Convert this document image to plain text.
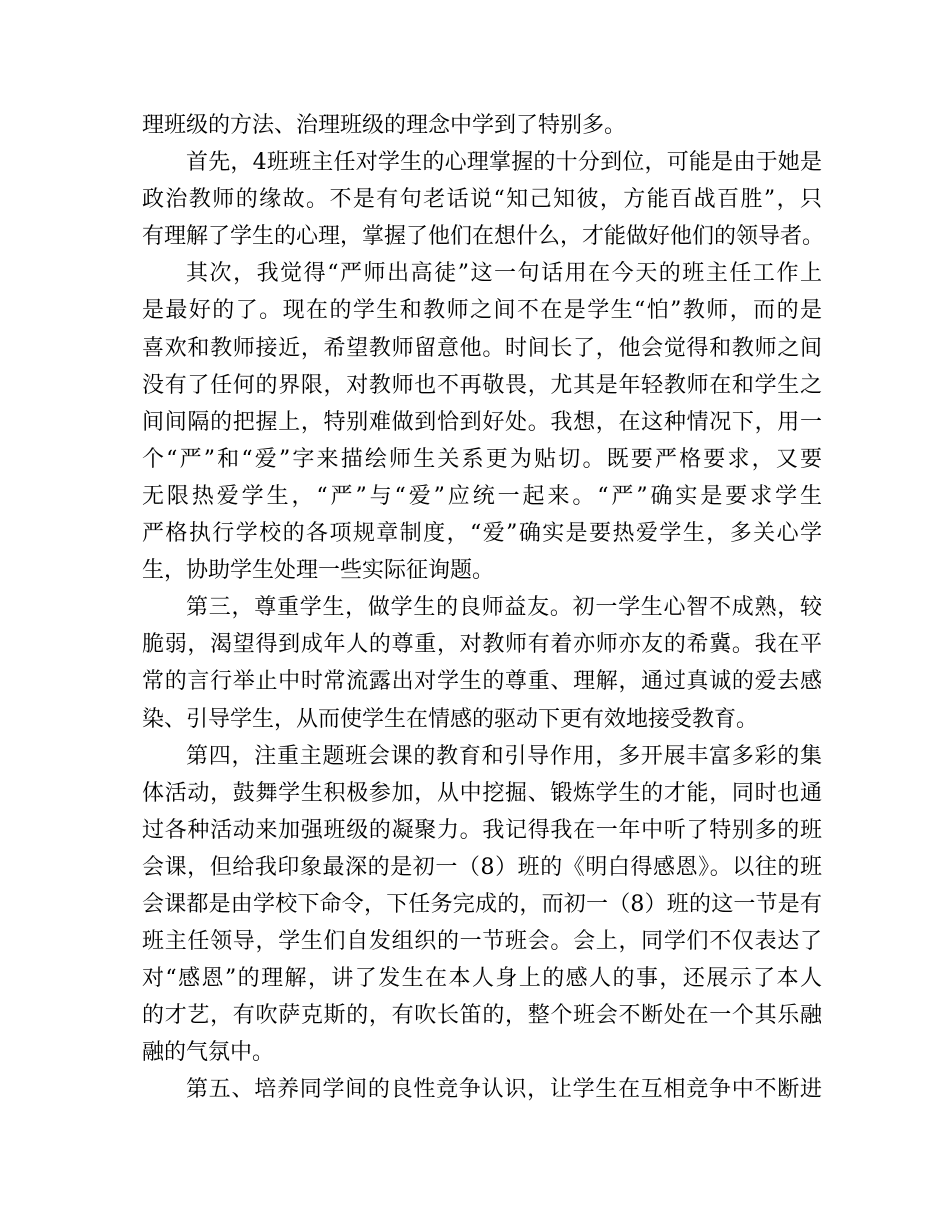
理班级的方法、治理班级的理念中学到了特别多。
首先，4班班主任对学生的心理掌握的十分到位，可能是由于她是
政治教师的缘故。不是有句老话说“知己知彼，方能百战百胜”，只
有理解了学生的心理，掌握了他们在想什么，才能做好他们的领导者。
其次，我觉得“严师出高徒”这一句话用在今天的班主任工作上
是最好的了。现在的学生和教师之间不在是学生“怕”教师，而的是
喜欢和教师接近，希望教师留意他。时间长了，他会觉得和教师之间
没有了任何的界限，对教师也不再敬畏，尤其是年轻教师在和学生之
间间隔的把握上，特别难做到恰到好处。我想，在这种情况下，用一
个“严”和“爱”字来描绘师生关系更为贴切。既要严格要求，又要
无限热爱学生，“严”与“爱”应统一起来。“严”确实是要求学生
严格执行学校的各项规章制度，“爱”确实是要热爱学生，多关心学
生，协助学生处理一些实际征询题。
第三，尊重学生，做学生的良师益友。初一学生心智不成熟，较
脆弱，渴望得到成年人的尊重，对教师有着亦师亦友的希冀。我在平
常的言行举止中时常流露出对学生的尊重、理解，通过真诚的爱去感
染、引导学生，从而使学生在情感的驱动下更有效地接受教育。
第四，注重主题班会课的教育和引导作用，多开展丰富多彩的集
体活动，鼓舞学生积极参加，从中挖掘、锻炼学生的才能，同时也通
过各种活动来加强班级的凝聚力。我记得我在一年中听了特别多的班
会课，但给我印象最深的是初一（8）班的《明白得感恩》。以往的班
会课都是由学校下命令，下任务完成的，而初一（8）班的这一节是有
班主任领导，学生们自发组织的一节班会。会上，同学们不仅表达了
对“感恩”的理解，讲了发生在本人身上的感人的事，还展示了本人
的才艺，有吹萨克斯的，有吹长笛的，整个班会不断处在一个其乐融
融的气氛中。
第五、培养同学间的良性竞争认识，让学生在互相竞争中不断进
